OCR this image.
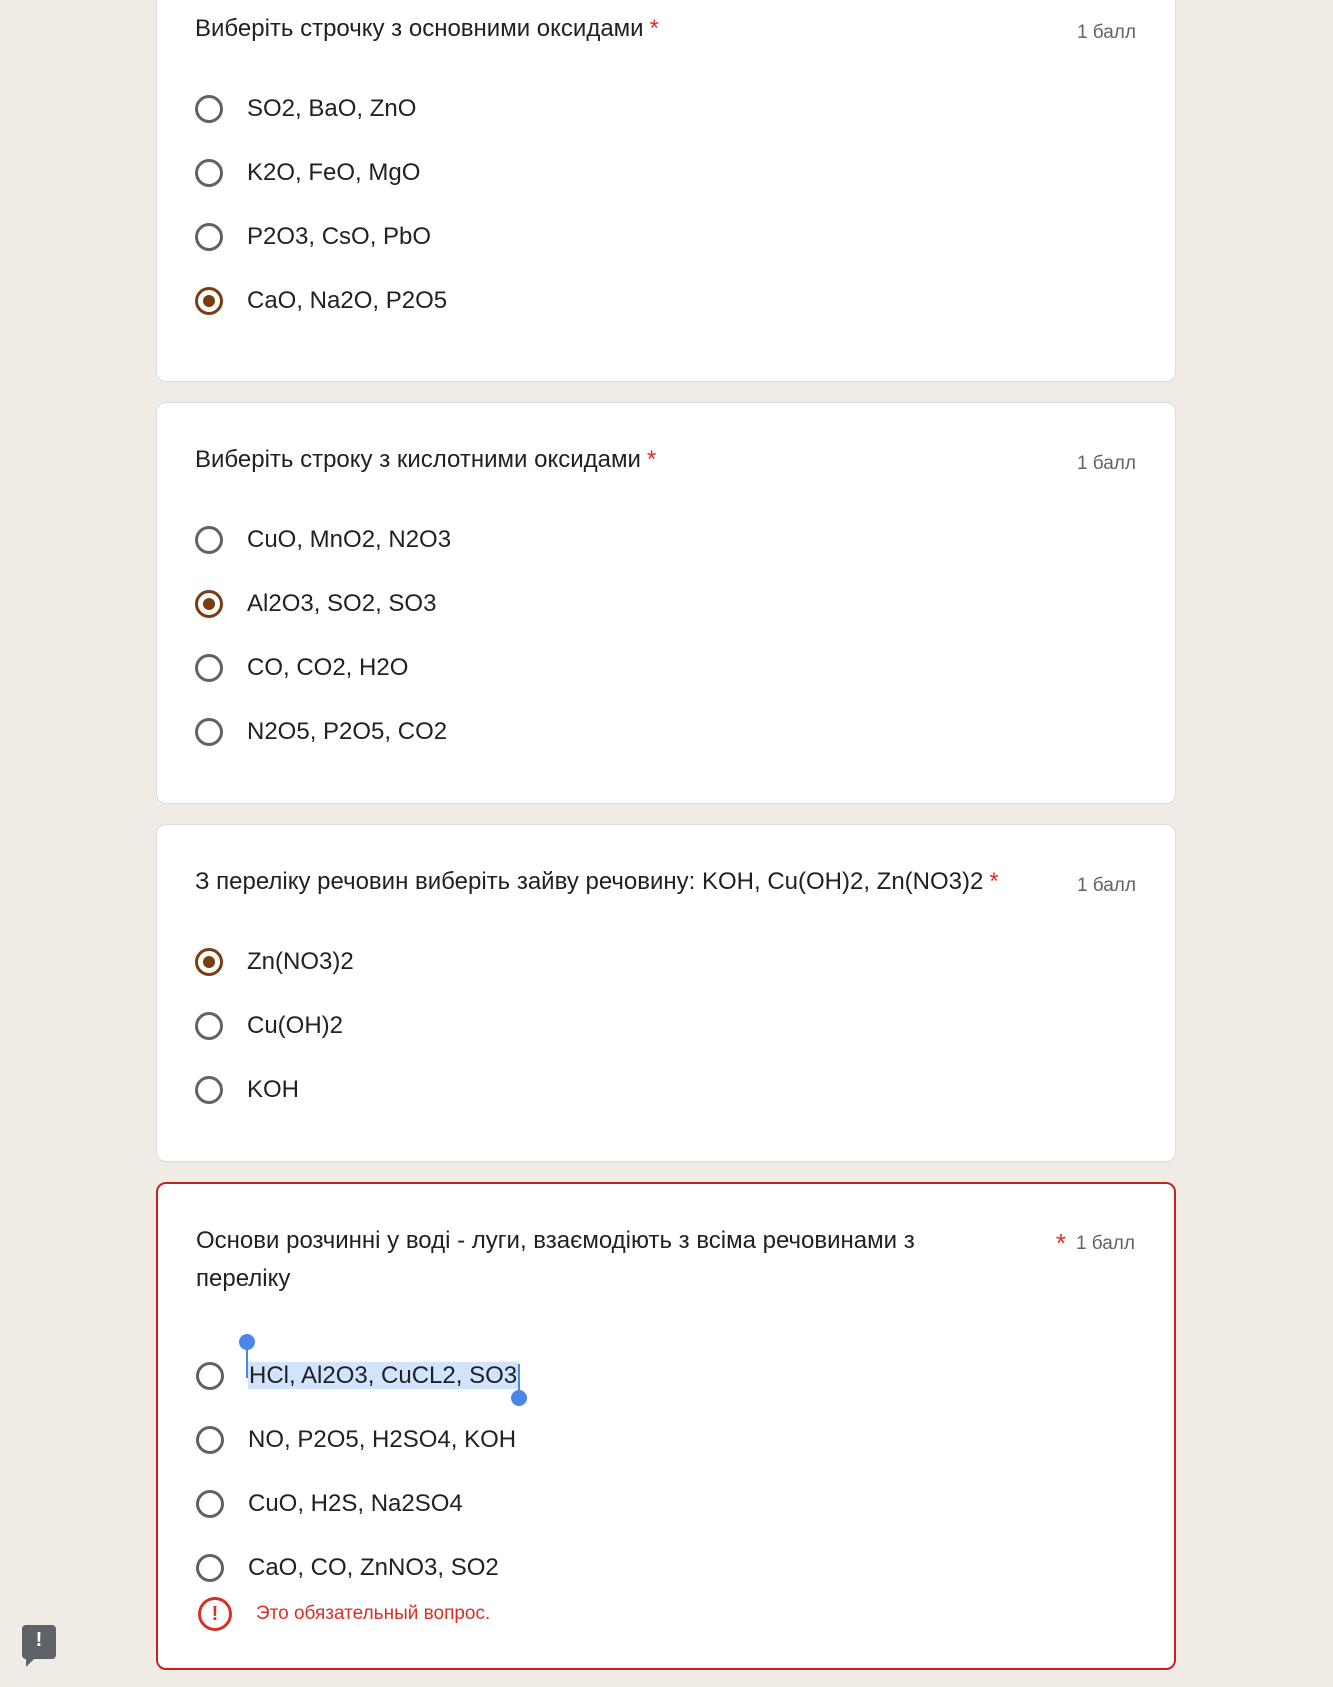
Виберіть строчку з основними оксидами *	1 балл
SO2, BaO, ZnO
K2O, FeO, MgO
P2O3, CsO, PbO
CaO, Na2O, P2O5
Виберіть строку з кислотними оксидами *	1 балл
CuO, MnO2, N2O3
Al2O3, SO2, SO3
CO, CO2, H2O
N2O5, P2O5, CO2
З переліку речовин виберіть зайву речовину: KOH, Cu(OH)2, Zn(NO3)2 *	1 балл
Zn(NO3)2
Cu(OH)2
KOH
Основи розчинні у воді - луги, взаємодіють з всіма речовинами з переліку
* 1 балл
HCl, Al2O3, CuCL2, SO3
NO, P2O5, H2SO4, KOH
CuO, H2S, Na2SO4
CaO, CO, ZnNO3, SO2
!	Это обязательный вопрос.
!
